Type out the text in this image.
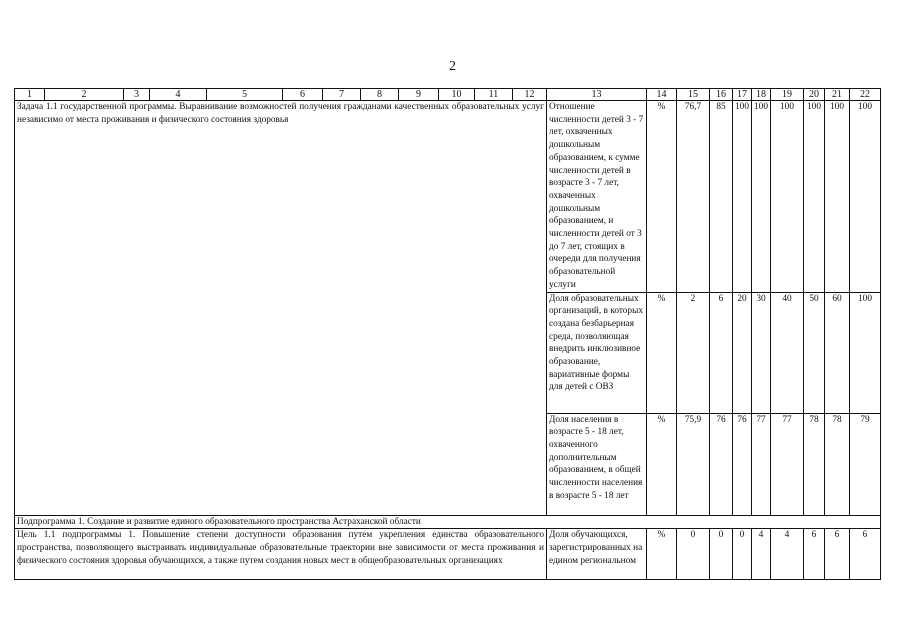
2
1	2	3	4	5	6	7	8	9	10	11	12	13	14	15	16	17	18	19	20	21	22
Задача 1.1 государственной программы. Выравнивание возможностей получения гражданами качественных образовательных услуг независимо от места проживания и физического состояния здоровья												Отношение численности детей 3 - 7 лет, охваченных дошкольным образованием, к сумме численности детей в возрасте 3 - 7 лет, охваченных дошкольным образованием, и численности детей от 3 до 7 лет, стоящих в очереди для получения образовательной услуги	%	76,7	85	100	100	100	100	100	100
												Доля образовательных организаций, в которых создана безбарьерная среда, позволяющая внедрить инклюзивное образование, вариативные формы для детей с ОВЗ	%	2	6	20	30	40	50	60	100
												Доля населения в возрасте 5 - 18 лет, охваченного дополнительным образованием, в общей численности населения в возрасте 5 - 18 лет	%	75,9	76	76	77	77	78	78	79
Подпрограмма 1. Создание и развитие единого образовательного пространства Астраханской области																					
Цель 1.1 подпрограммы 1. Повышение степени доступности образования путем укрепления единства образовательного пространства, позволяющего выстраивать индивидуальные образовательные траектории вне зависимости от места проживания и физического состояния здоровья обучающихся, а также путем создания новых мест в общеобразовательных организациях												Доля обучающихся, зарегистрированных на едином региональном	%	0	0	0	4	4	6	6	6
